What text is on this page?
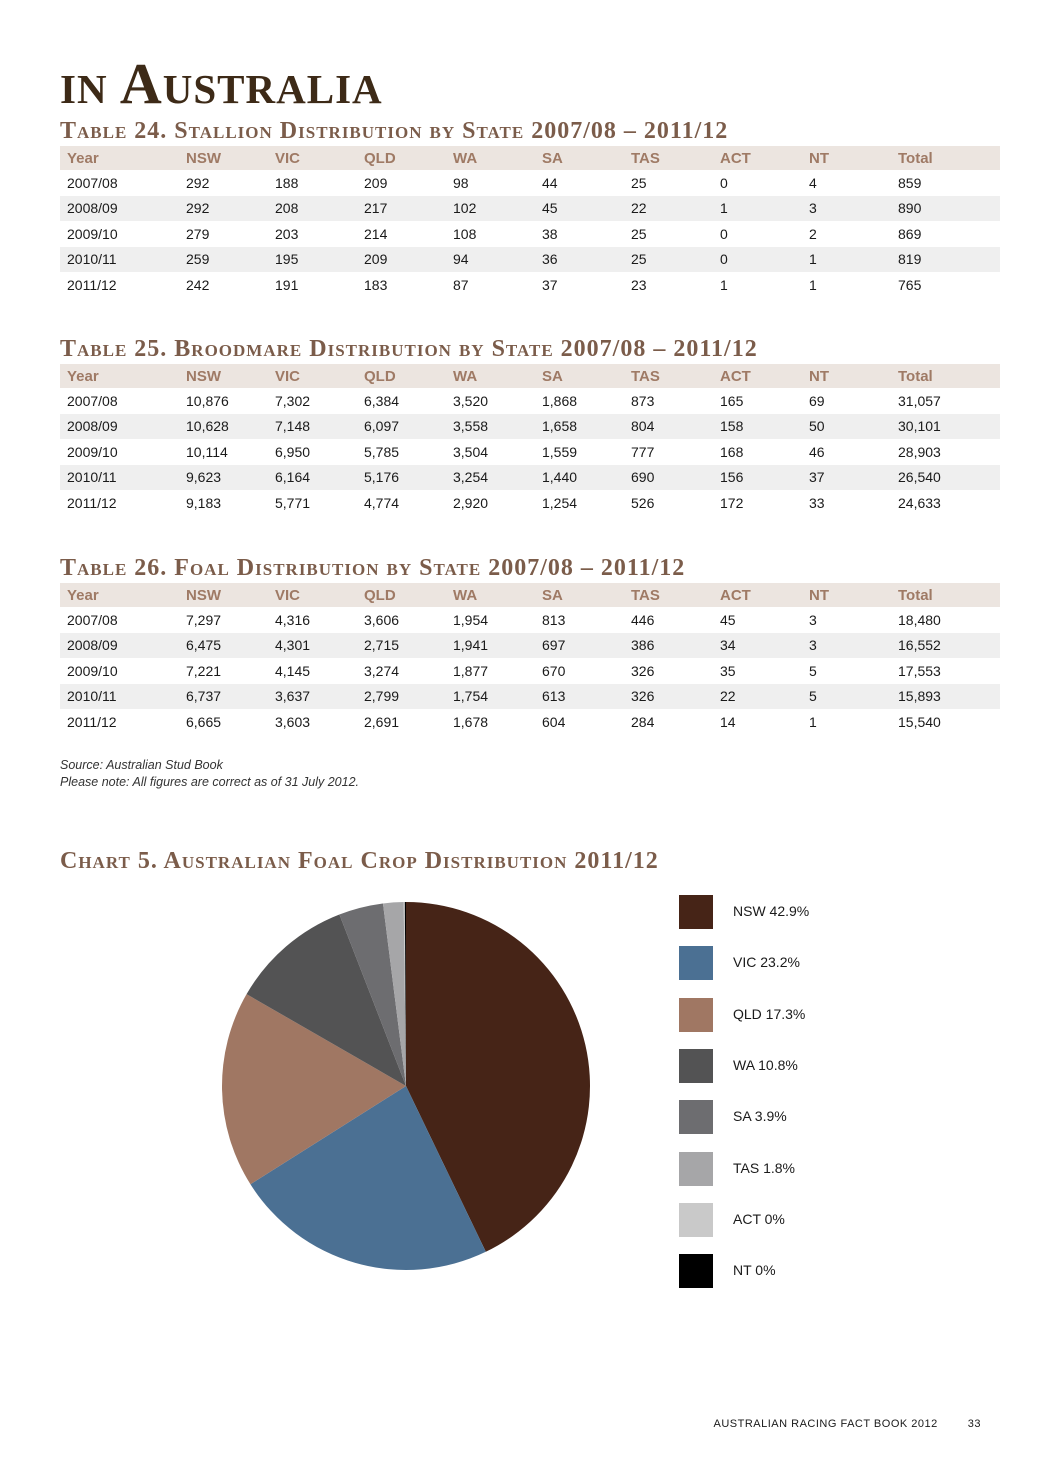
in Australia
Table 24. Stallion Distribution by State 2007/08 – 2011/12
Year	NSW	VIC	QLD	WA	SA	TAS	ACT	NT	Total
2007/08	292	188	209	98	44	25	0	4	859
2008/09	292	208	217	102	45	22	1	3	890
2009/10	279	203	214	108	38	25	0	2	869
2010/11	259	195	209	94	36	25	0	1	819
2011/12	242	191	183	87	37	23	1	1	765
Table 25. Broodmare Distribution by State 2007/08 – 2011/12
Year	NSW	VIC	QLD	WA	SA	TAS	ACT	NT	Total
2007/08	10,876	7,302	6,384	3,520	1,868	873	165	69	31,057
2008/09	10,628	7,148	6,097	3,558	1,658	804	158	50	30,101
2009/10	10,114	6,950	5,785	3,504	1,559	777	168	46	28,903
2010/11	9,623	6,164	5,176	3,254	1,440	690	156	37	26,540
2011/12	9,183	5,771	4,774	2,920	1,254	526	172	33	24,633
Table 26. Foal Distribution by State 2007/08 – 2011/12
Year	NSW	VIC	QLD	WA	SA	TAS	ACT	NT	Total
2007/08	7,297	4,316	3,606	1,954	813	446	45	3	18,480
2008/09	6,475	4,301	2,715	1,941	697	386	34	3	16,552
2009/10	7,221	4,145	3,274	1,877	670	326	35	5	17,553
2010/11	6,737	3,637	2,799	1,754	613	326	22	5	15,893
2011/12	6,665	3,603	2,691	1,678	604	284	14	1	15,540
Source: Australian Stud Book
Please note: All figures are correct as of 31 July 2012.
Chart 5. Australian Foal Crop Distribution 2011/12
NSW 42.9%
VIC 23.2%
QLD 17.3%
WA 10.8%
SA 3.9%
TAS 1.8%
ACT 0%
NT 0%
AUSTRALIAN RACING FACT BOOK 2012	33
